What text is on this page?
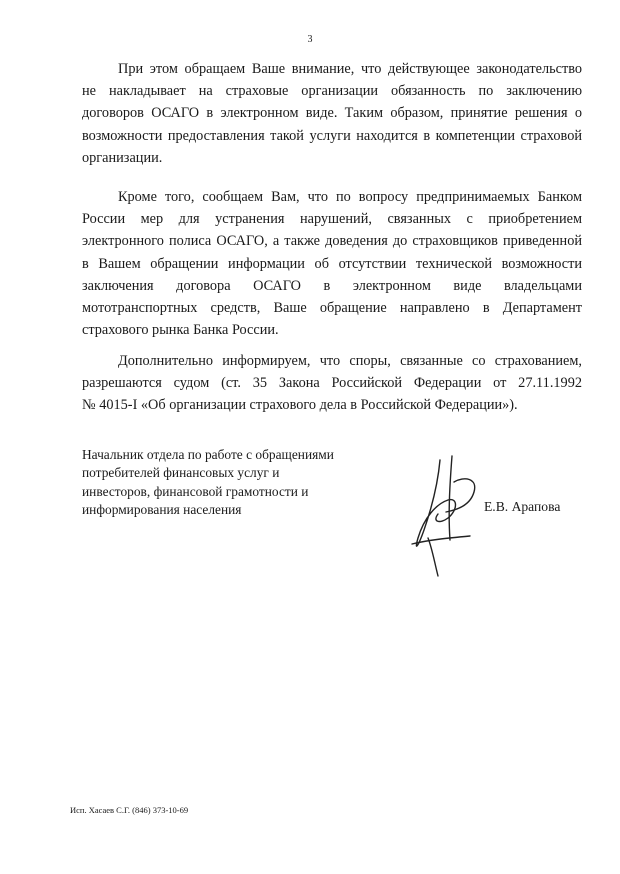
3
При этом обращаем Ваше внимание, что действующее законодательство
не накладывает на страховые организации обязанность по заключению
договоров ОСАГО в электронном виде. Таким образом, принятие решения о
возможности предоставления такой услуги находится в компетенции страховой
организации.
Кроме того, сообщаем Вам, что по вопросу предпринимаемых Банком
России мер для устранения нарушений, связанных с приобретением
электронного полиса ОСАГО, а также доведения до страховщиков приведенной
в Вашем обращении информации об отсутствии технической возможности
заключения договора ОСАГО в электронном виде владельцами
мототранспортных средств, Ваше обращение направлено в Департамент
страхового рынка Банка России.
Дополнительно информируем, что споры, связанные со страхованием,
разрешаются судом (ст. 35 Закона Российской Федерации от 27.11.1992
№ 4015-I «Об организации страхового дела в Российской Федерации»).
Начальник отдела по работе с обращениями
потребителей финансовых услуг и
инвесторов, финансовой грамотности и
информирования населения	Е.В. Арапова
Исп. Хасаев С.Г. (846) 373-10-69
